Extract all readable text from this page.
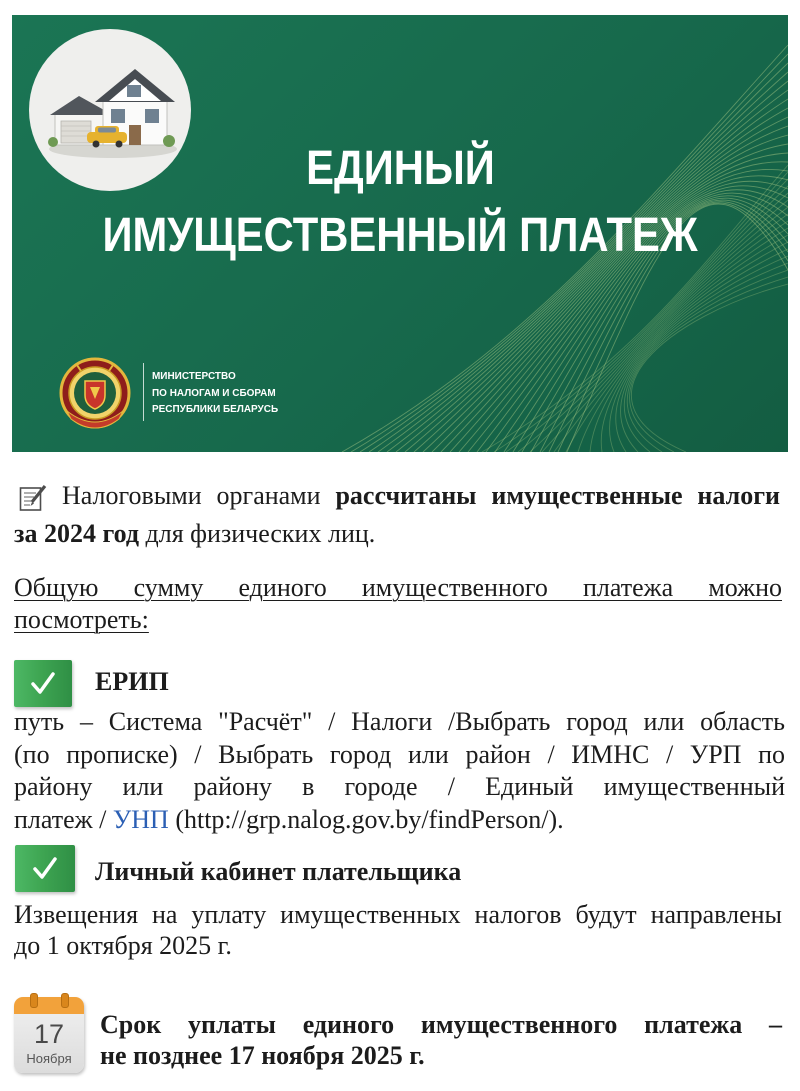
ЕДИНЫЙ
ИМУЩЕСТВЕННЫЙ ПЛАТЕЖ
МИНИСТЕРСТВО
ПО НАЛОГАМ И СБОРАМ
РЕСПУБЛИКИ БЕЛАРУСЬ
Налоговыми органами рассчитаны имущественные налоги
за 2024 год для физических лиц.
Общую сумму единого имущественного платежа можно
посмотреть:
ЕРИП
путь – Система "Расчёт" / Налоги /Выбрать город или область
(по прописке) / Выбрать город или район / ИМНС / УРП по
району или району в городе / Единый имущественный
платеж / УНП (http://grp.nalog.gov.by/findPerson/).
Личный кабинет плательщика
Извещения на уплату имущественных налогов будут направлены
до 1 октября 2025 г.
17
Ноября
Срок уплаты единого имущественного платежа –
не позднее 17 ноября 2025 г.
